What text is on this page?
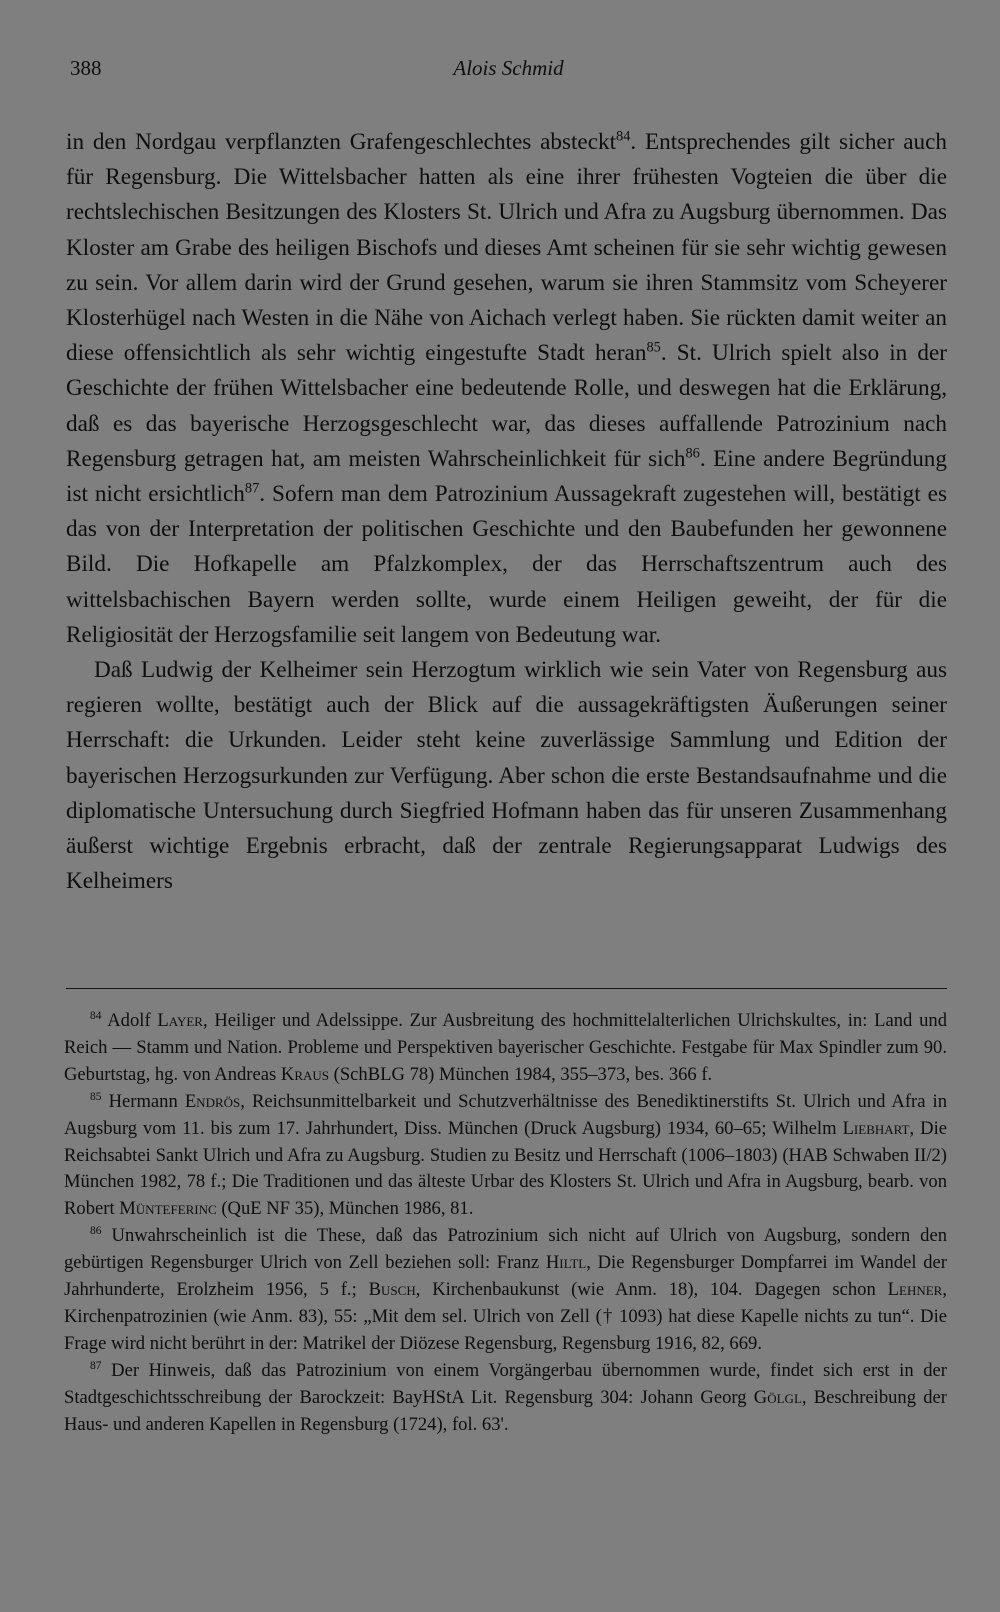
388	Alois Schmid

in den Nordgau verpflanzten Grafengeschlechtes absteckt$^{84}$. Entsprechendes gilt sicher auch für Regensburg. Die Wittelsbacher hatten als eine ihrer frühesten Vogteien die über die rechtslechischen Besitzungen des Klosters St. Ulrich und Afra zu Augsburg übernommen. Das Kloster am Grabe des heiligen Bischofs und dieses Amt scheinen für sie sehr wichtig gewesen zu sein. Vor allem darin wird der Grund gesehen, warum sie ihren Stammsitz vom Scheyerer Klosterhügel nach Westen in die Nähe von Aichach verlegt haben. Sie rückten damit weiter an diese offensichtlich als sehr wichtig eingestufte Stadt heran$^{85}$. St. Ulrich spielt also in der Geschichte der frühen Wittelsbacher eine bedeutende Rolle, und deswegen hat die Erklärung, daß es das bayerische Herzogsgeschlecht war, das dieses auffallende Patrozinium nach Regensburg getragen hat, am meisten Wahrscheinlichkeit für sich$^{86}$. Eine andere Begründung ist nicht ersichtlich$^{87}$. Sofern man dem Patrozinium Aussagekraft zugestehen will, bestätigt es das von der Interpretation der politischen Geschichte und den Baubefunden her gewonnene Bild. Die Hofkapelle am Pfalzkomplex, der das Herrschaftszentrum auch des wittelsbachischen Bayern werden sollte, wurde einem Heiligen geweiht, der für die Religiosität der Herzogsfamilie seit langem von Bedeutung war.

Daß Ludwig der Kelheimer sein Herzogtum wirklich wie sein Vater von Regensburg aus regieren wollte, bestätigt auch der Blick auf die aussagekräftigsten Äußerungen seiner Herrschaft: die Urkunden. Leider steht keine zuverlässige Sammlung und Edition der bayerischen Herzogsurkunden zur Verfügung. Aber schon die erste Bestandsaufnahme und die diplomatische Untersuchung durch Siegfried Hofmann haben das für unseren Zusammenhang äußerst wichtige Ergebnis erbracht, daß der zentrale Regierungsapparat Ludwigs des Kelheimers

$^{84}$ Adolf Layer, Heiliger und Adelssippe. Zur Ausbreitung des hochmittelalterlichen Ulrichskultes, in: Land und Reich — Stamm und Nation. Probleme und Perspektiven bayerischer Geschichte. Festgabe für Max Spindler zum 90. Geburtstag, hg. von Andreas Kraus (SchBLG 78) München 1984, 355–373, bes. 366 f.

$^{85}$ Hermann Endrös, Reichsunmittelbarkeit und Schutzverhältnisse des Benediktinerstifts St. Ulrich und Afra in Augsburg vom 11. bis zum 17. Jahrhundert, Diss. München (Druck Augsburg) 1934, 60–65; Wilhelm Liebhart, Die Reichsabtei Sankt Ulrich und Afra zu Augsburg. Studien zu Besitz und Herrschaft (1006–1803) (HAB Schwaben II/2) München 1982, 78 f.; Die Traditionen und das älteste Urbar des Klosters St. Ulrich und Afra in Augsburg, bearb. von Robert Münteferinc (QuE NF 35), München 1986, 81.

$^{86}$ Unwahrscheinlich ist die These, daß das Patrozinium sich nicht auf Ulrich von Augsburg, sondern den gebürtigen Regensburger Ulrich von Zell beziehen soll: Franz Hiltl, Die Regensburger Dompfarrei im Wandel der Jahrhunderte, Erolzheim 1956, 5 f.; Busch, Kirchenbaukunst (wie Anm. 18), 104. Dagegen schon Lehner, Kirchenpatrozinien (wie Anm. 83), 55: „Mit dem sel. Ulrich von Zell († 1093) hat diese Kapelle nichts zu tun“. Die Frage wird nicht berührt in der: Matrikel der Diözese Regensburg, Regensburg 1916, 82, 669.

$^{87}$ Der Hinweis, daß das Patrozinium von einem Vorgängerbau übernommen wurde, findet sich erst in der Stadtgeschichtsschreibung der Barockzeit: BayHStA Lit. Regensburg 304: Johann Georg Gölgl, Beschreibung der Haus- und anderen Kapellen in Regensburg (1724), fol. 63'.
